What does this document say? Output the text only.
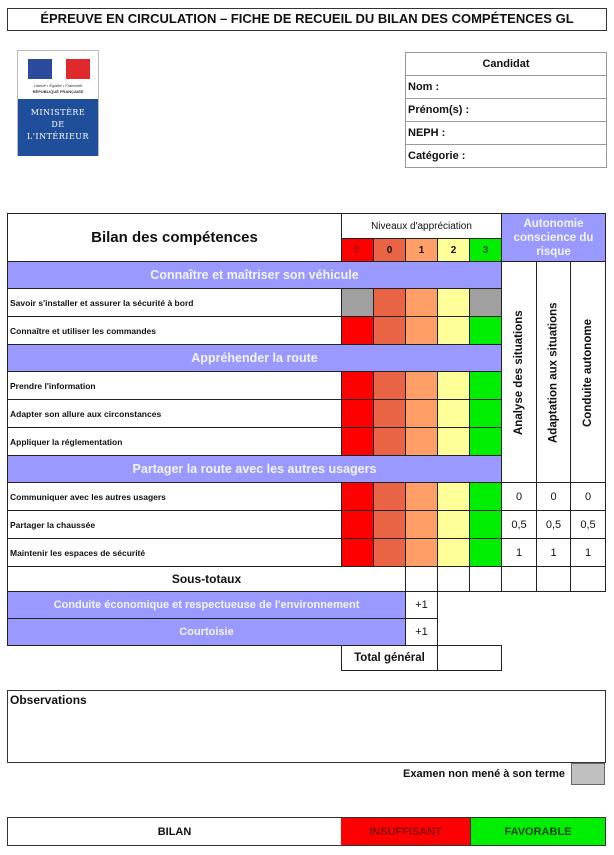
ÉPREUVE EN CIRCULATION – FICHE DE RECUEIL DU BILAN DES COMPÉTENCES GL
Liberté • Égalité • Fraternité
RÉPUBLIQUE FRANÇAISE
MINISTÈRE
DE
L'INTÉRIEUR
Candidat
Nom :
Prénom(s) :
NEPH :
Catégorie :
Bilan des compétences
Niveaux d'appréciation
E	0	1	2	3
Autonomie conscience du risque
Analyse des situations	Adaptation aux situations	Conduite autonome
Connaître et maîtriser son véhicule
Savoir s'installer et assurer la sécurité à bord
Connaître et utiliser les commandes
Appréhender la route
Prendre l'information
Adapter son allure aux circonstances
Appliquer la réglementation
Partager la route avec les autres usagers
Communiquer avec les autres usagers	0	0	0
Partager la chaussée	0,5	0,5	0,5
Maintenir les espaces de sécurité	1	1	1
Sous-totaux
Conduite économique et respectueuse de l'environnement	+1
Courtoisie	+1
Total général
Observations
Examen non mené à son terme
BILAN	INSUFFISANT	FAVORABLE
